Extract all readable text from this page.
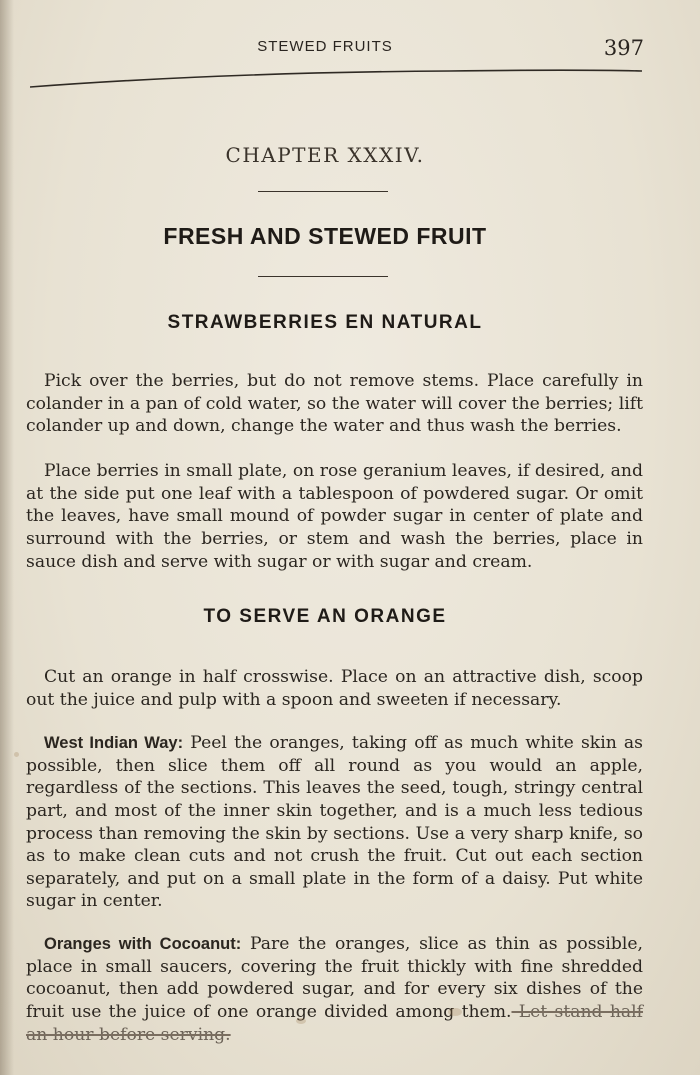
STEWED FRUITS	397
CHAPTER XXXIV.
FRESH AND STEWED FRUIT
STRAWBERRIES EN NATURAL

Pick over the berries, but do not remove stems. Place carefully in colander in a pan of cold water, so the water will cover the berries; lift colander up and down, change the water and thus wash the berries.

Place berries in small plate, on rose geranium leaves, if desired, and at the side put one leaf with a tablespoon of powdered sugar. Or omit the leaves, have small mound of powder sugar in center of plate and surround with the berries, or stem and wash the berries, place in sauce dish and serve with sugar or with sugar and cream.

TO SERVE AN ORANGE

Cut an orange in half crosswise. Place on an attractive dish, scoop out the juice and pulp with a spoon and sweeten if necessary.

West Indian Way: Peel the oranges, taking off as much white skin as possible, then slice them off all round as you would an apple, regardless of the sections. This leaves the seed, tough, stringy central part, and most of the inner skin together, and is a much less tedious process than removing the skin by sections. Use a very sharp knife, so as to make clean cuts and not crush the fruit. Cut out each section separately, and put on a small plate in the form of a daisy. Put white sugar in center.

Oranges with Cocoanut: Pare the oranges, slice as thin as possible, place in small saucers, covering the fruit thickly with fine shredded cocoanut, then add powdered sugar, and for every six dishes of the fruit use the juice of one orange divided among them. Let stand half an hour before serving.
